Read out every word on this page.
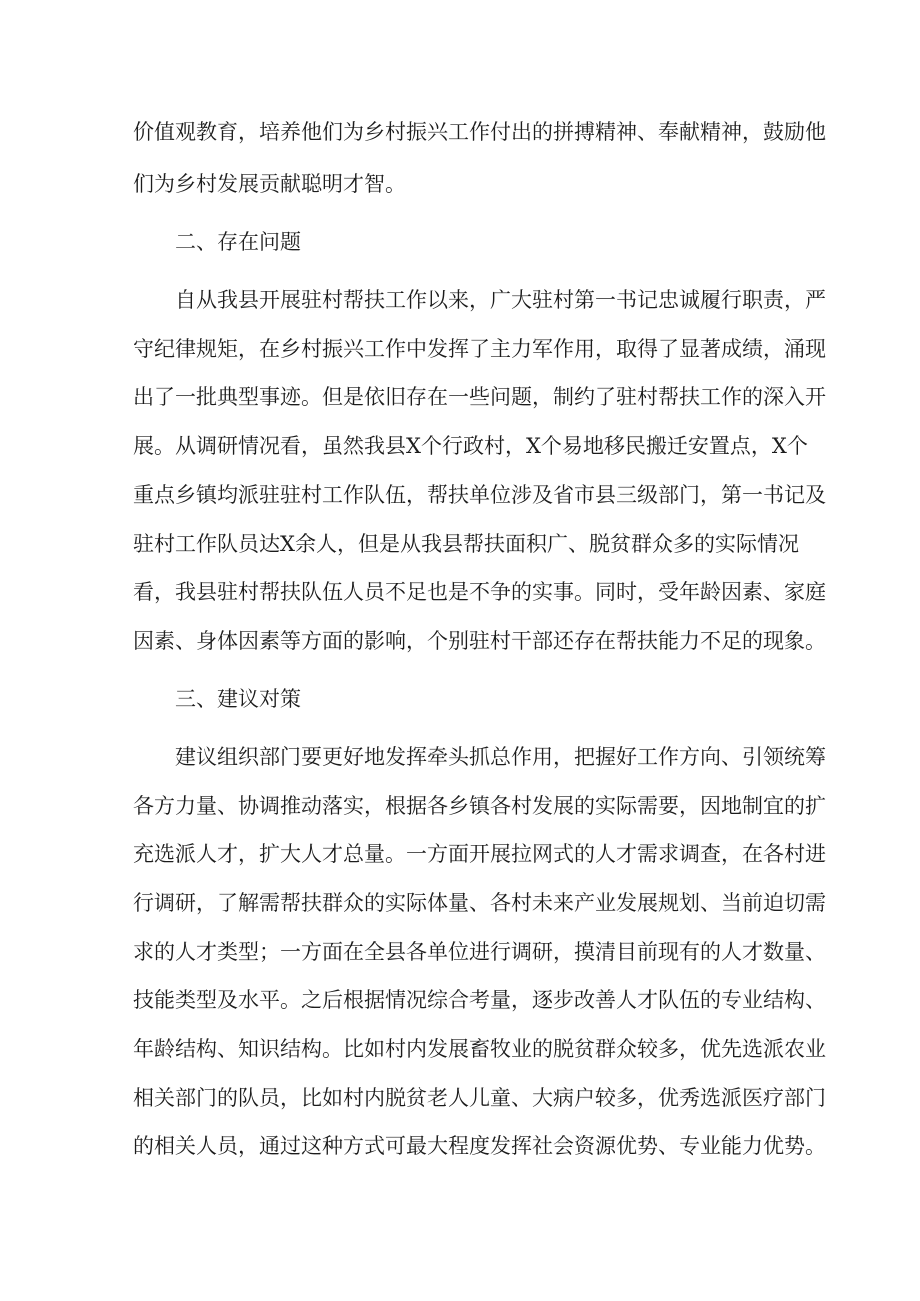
价值观教育，培养他们为乡村振兴工作付出的拼搏精神、奉献精神，鼓励他
们为乡村发展贡献聪明才智。
二、存在问题
自从我县开展驻村帮扶工作以来，广大驻村第一书记忠诚履行职责，严
守纪律规矩，在乡村振兴工作中发挥了主力军作用，取得了显著成绩，涌现
出了一批典型事迹。但是依旧存在一些问题，制约了驻村帮扶工作的深入开
展。从调研情况看，虽然我县X个行政村，X个易地移民搬迁安置点，X个
重点乡镇均派驻驻村工作队伍，帮扶单位涉及省市县三级部门，第一书记及
驻村工作队员达X余人，但是从我县帮扶面积广、脱贫群众多的实际情况
看，我县驻村帮扶队伍人员不足也是不争的实事。同时，受年龄因素、家庭
因素、身体因素等方面的影响，个别驻村干部还存在帮扶能力不足的现象。
三、建议对策
建议组织部门要更好地发挥牵头抓总作用，把握好工作方向、引领统筹
各方力量、协调推动落实，根据各乡镇各村发展的实际需要，因地制宜的扩
充选派人才，扩大人才总量。一方面开展拉网式的人才需求调查，在各村进
行调研，了解需帮扶群众的实际体量、各村未来产业发展规划、当前迫切需
求的人才类型；一方面在全县各单位进行调研，摸清目前现有的人才数量、
技能类型及水平。之后根据情况综合考量，逐步改善人才队伍的专业结构、
年龄结构、知识结构。比如村内发展畜牧业的脱贫群众较多，优先选派农业
相关部门的队员，比如村内脱贫老人儿童、大病户较多，优秀选派医疗部门
的相关人员，通过这种方式可最大程度发挥社会资源优势、专业能力优势。
